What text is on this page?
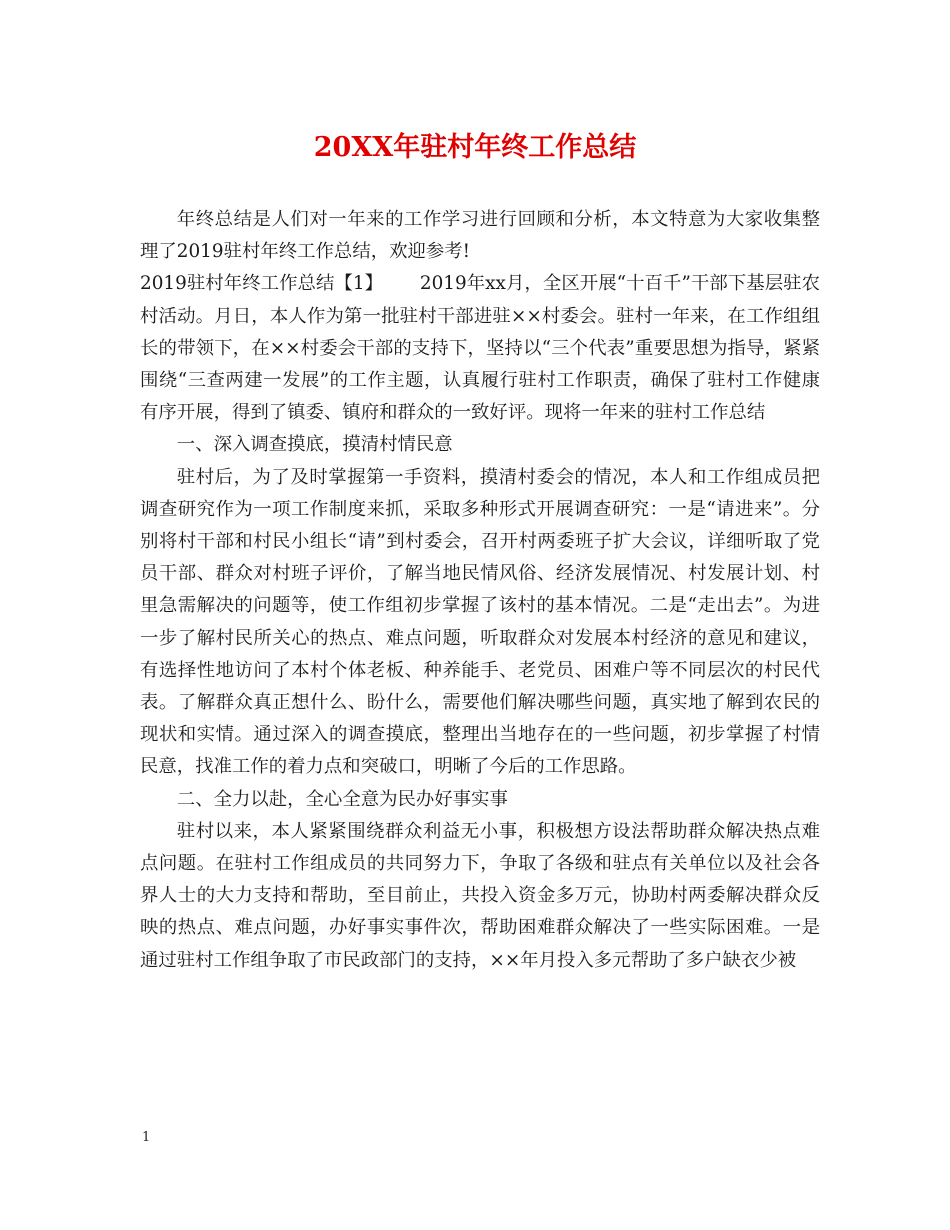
20XX年驻村年终工作总结

年终总结是人们对一年来的工作学习进行回顾和分析，本文特意为大家收集整理了2019驻村年终工作总结，欢迎参考!

2019驻村年终工作总结【1】 2019年xx月，全区开展“十百千”干部下基层驻农村活动。月日，本人作为第一批驻村干部进驻××村委会。驻村一年来，在工作组组长的带领下，在××村委会干部的支持下，坚持以“三个代表”重要思想为指导，紧紧围绕“三查两建一发展”的工作主题，认真履行驻村工作职责，确保了驻村工作健康有序开展，得到了镇委、镇府和群众的一致好评。现将一年来的驻村工作总结

一、深入调查摸底，摸清村情民意

驻村后，为了及时掌握第一手资料，摸清村委会的情况，本人和工作组成员把调查研究作为一项工作制度来抓，采取多种形式开展调查研究：一是“请进来”。分别将村干部和村民小组长“请”到村委会，召开村两委班子扩大会议，详细听取了党员干部、群众对村班子评价，了解当地民情风俗、经济发展情况、村发展计划、村里急需解决的问题等，使工作组初步掌握了该村的基本情况。二是“走出去”。为进一步了解村民所关心的热点、难点问题，听取群众对发展本村经济的意见和建议，有选择性地访问了本村个体老板、种养能手、老党员、困难户等不同层次的村民代表。了解群众真正想什么、盼什么，需要他们解决哪些问题，真实地了解到农民的现状和实情。通过深入的调查摸底，整理出当地存在的一些问题，初步掌握了村情民意，找准工作的着力点和突破口，明晰了今后的工作思路。

二、全力以赴，全心全意为民办好事实事

驻村以来，本人紧紧围绕群众利益无小事，积极想方设法帮助群众解决热点难点问题。在驻村工作组成员的共同努力下，争取了各级和驻点有关单位以及社会各界人士的大力支持和帮助，至目前止，共投入资金多万元，协助村两委解决群众反映的热点、难点问题，办好事实事件次，帮助困难群众解决了一些实际困难。一是通过驻村工作组争取了市民政部门的支持，××年月投入多元帮助了多户缺衣少被

1
